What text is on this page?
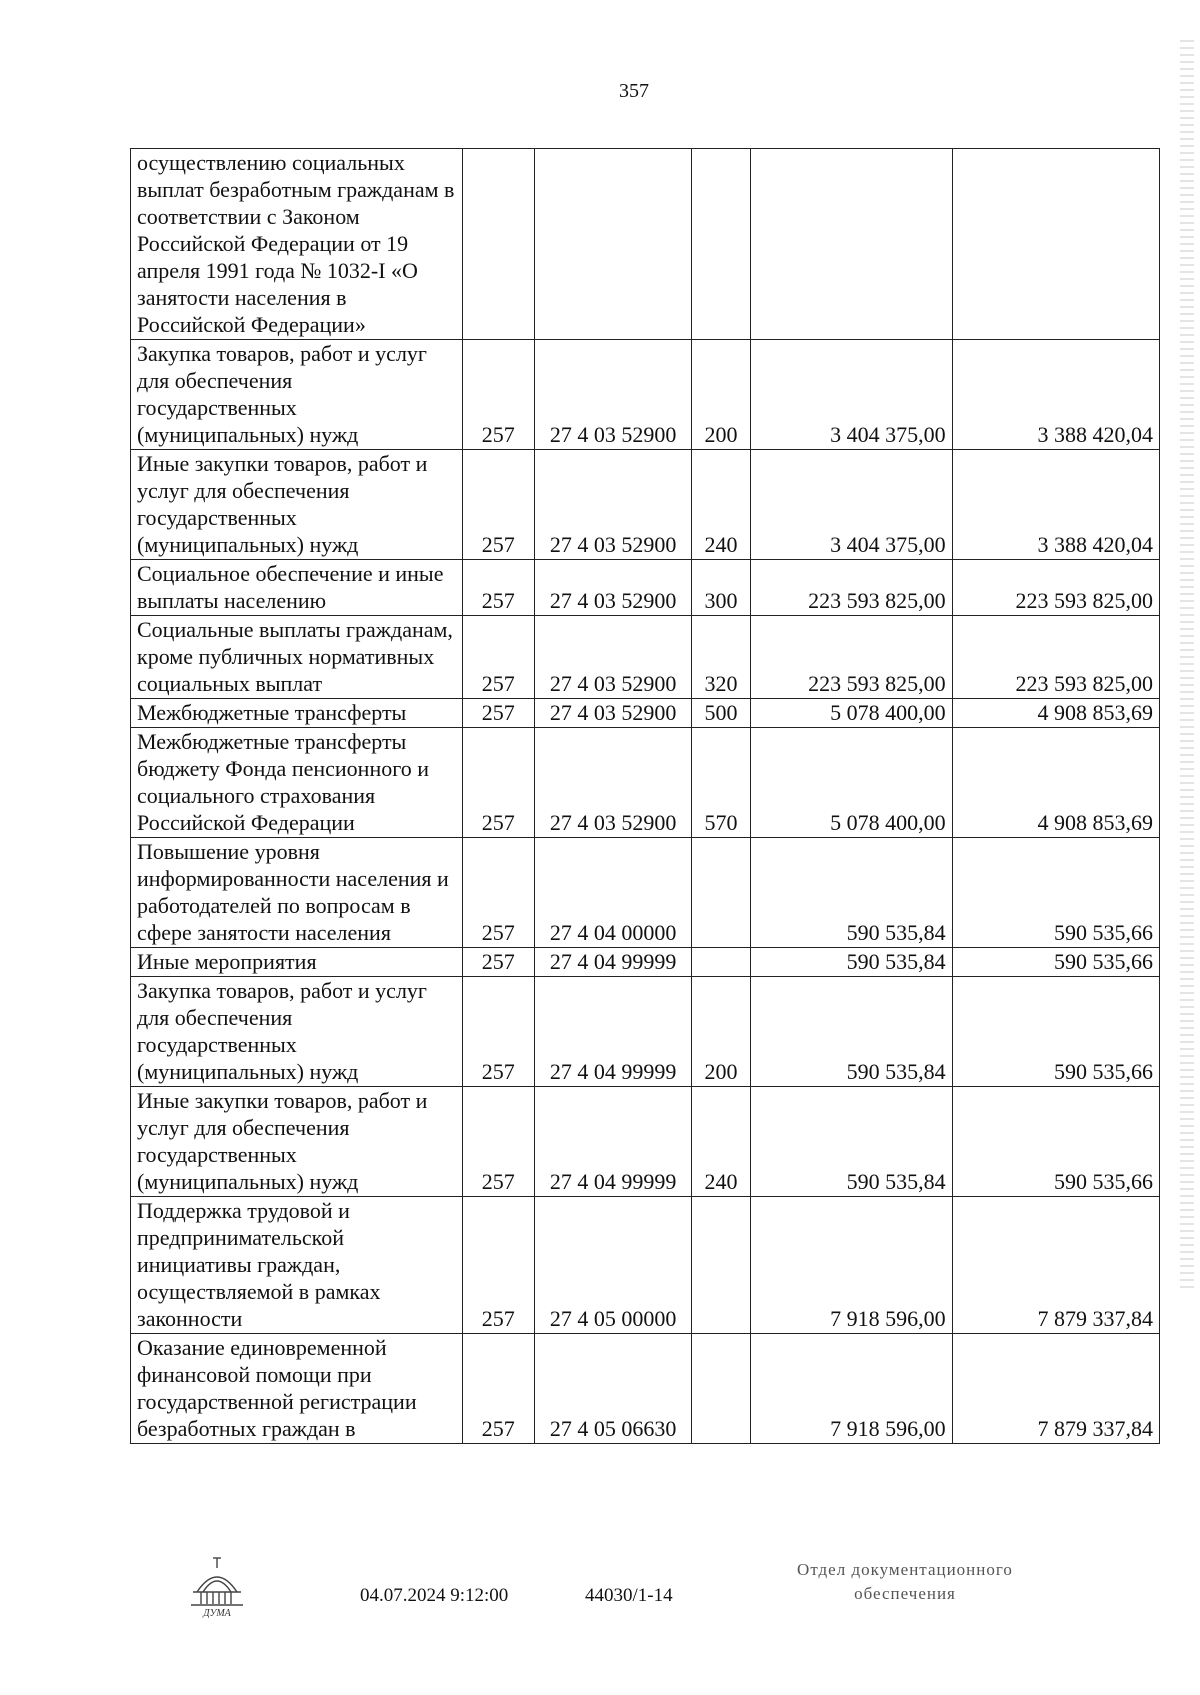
357
осуществлению социальных выплат безработным гражданам в соответствии с Законом Российской Федерации от 19 апреля 1991 года № 1032-I «О занятости населения в Российской Федерации»					
Закупка товаров, работ и услуг для обеспечения государственных (муниципальных) нужд	257	27 4 03 52900	200	3 404 375,00	3 388 420,04
Иные закупки товаров, работ и услуг для обеспечения государственных (муниципальных) нужд	257	27 4 03 52900	240	3 404 375,00	3 388 420,04
Социальное обеспечение и иные выплаты населению	257	27 4 03 52900	300	223 593 825,00	223 593 825,00
Социальные выплаты гражданам, кроме публичных нормативных социальных выплат	257	27 4 03 52900	320	223 593 825,00	223 593 825,00
Межбюджетные трансферты	257	27 4 03 52900	500	5 078 400,00	4 908 853,69
Межбюджетные трансферты бюджету Фонда пенсионного и социального страхования Российской Федерации	257	27 4 03 52900	570	5 078 400,00	4 908 853,69
Повышение уровня информированности населения и работодателей по вопросам в сфере занятости населения	257	27 4 04 00000		590 535,84	590 535,66
Иные мероприятия	257	27 4 04 99999		590 535,84	590 535,66
Закупка товаров, работ и услуг для обеспечения государственных (муниципальных) нужд	257	27 4 04 99999	200	590 535,84	590 535,66
Иные закупки товаров, работ и услуг для обеспечения государственных (муниципальных) нужд	257	27 4 04 99999	240	590 535,84	590 535,66
Поддержка трудовой и предпринимательской инициативы граждан, осуществляемой в рамках законности	257	27 4 05 00000		7 918 596,00	7 879 337,84
Оказание единовременной финансовой помощи при государственной регистрации безработных граждан в	257	27 4 05 06630		7 918 596,00	7 879 337,84
ДУМА
04.07.2024 9:12:00	44030/1-14
Отдел документационного
обеспечения
